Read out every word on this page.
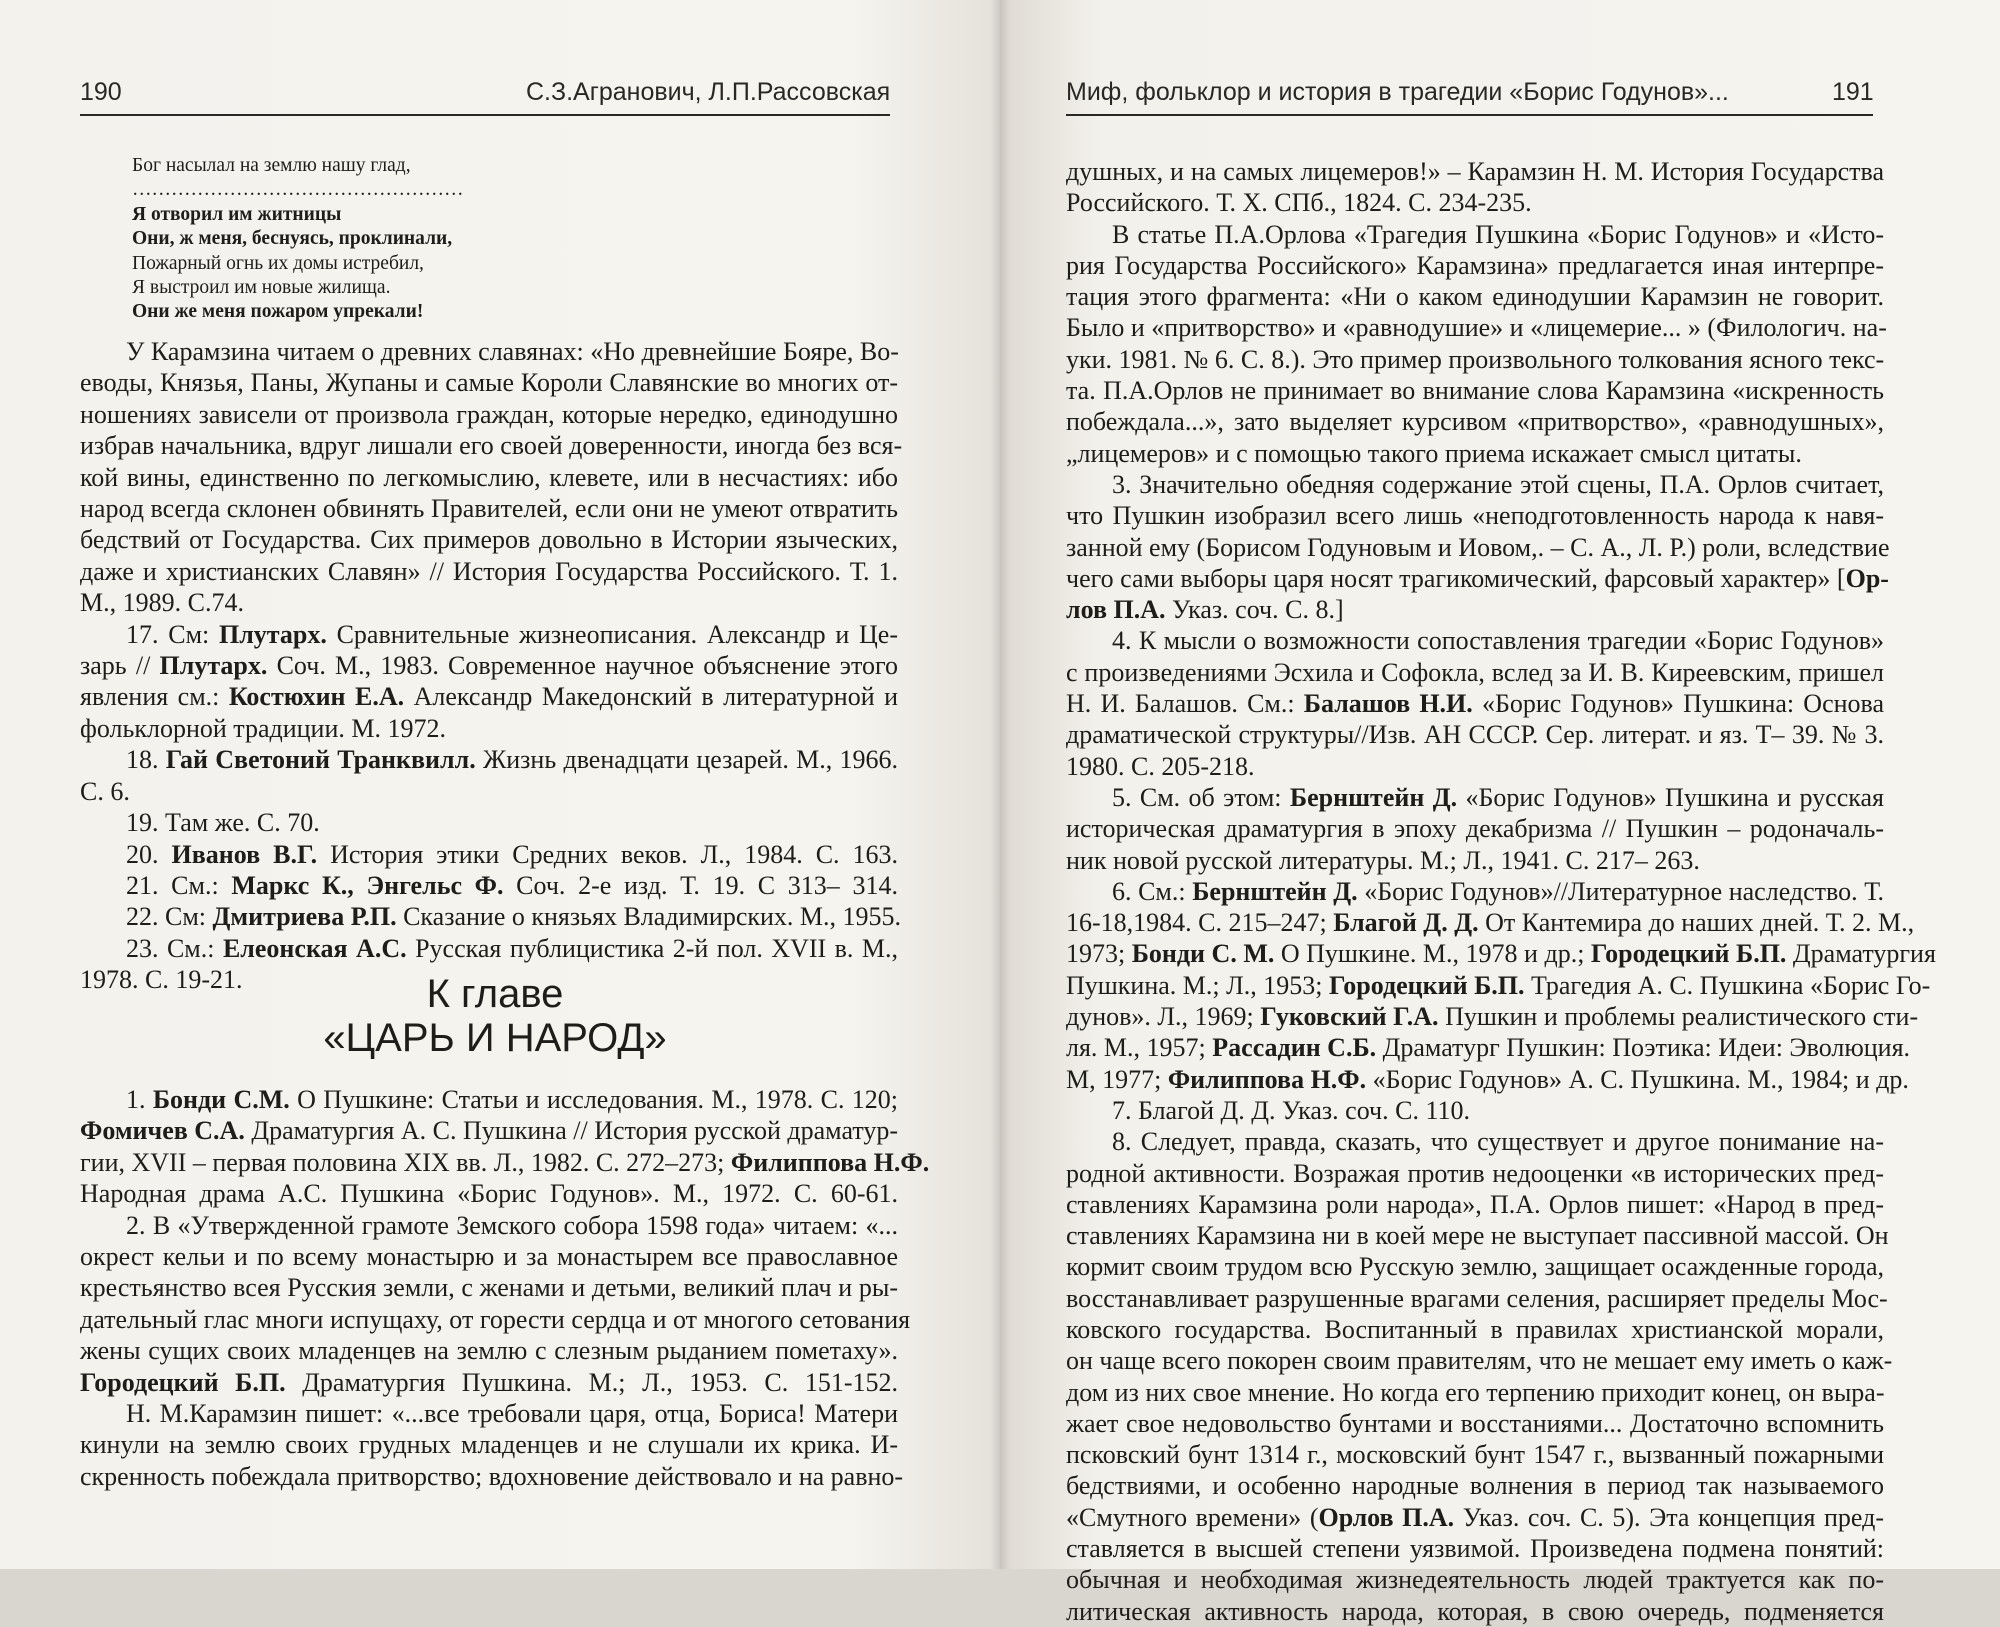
190	С.З.Агранович, Л.П.Рассовская
Бог насылал на землю нашу глад,
……………………………………………
Я отворил им житницы
Они, ж меня, беснуясь, проклинали,
Пожарный огнь их домы истребил,
Я выстроил им новые жилища.
Они же меня пожаром упрекали!
У Карамзина читаем о древних славянах: «Но древнейшие Бояре, Во-
еводы, Князья, Паны, Жупаны и самые Короли Славянские во многих от-
ношениях зависели от произвола граждан, которые нередко, единодушно
избрав начальника, вдруг лишали его своей доверенности, иногда без вся-
кой вины, единственно по легкомыслию, клевете, или в несчастиях: ибо
народ всегда склонен обвинять Правителей, если они не умеют отвратить
бедствий от Государства. Сих примеров довольно в Истории языческих,
даже и христианских Славян» // История Государства Российского. Т. 1.
М., 1989. С.74.
17. См: Плутарх. Сравнительные жизнеописания. Александр и Це-
зарь // Плутарх. Соч. М., 1983. Современное научное объяснение этого
явления см.: Костюхин Е.А. Александр Македонский в литературной и
фольклорной традиции. М. 1972.
18. Гай Светоний Транквилл. Жизнь двенадцати цезарей. М., 1966.
С. 6.
19. Там же. С. 70.
20. Иванов В.Г. История этики Средних веков. Л., 1984. С. 163.
21. См.: Маркс К., Энгельс Ф. Соч. 2-е изд. Т. 19. С 313– 314.
22. См: Дмитриева Р.П. Сказание о князьях Владимирских. М., 1955.
23. См.: Елеонская А.С. Русская публицистика 2-й пол. XVII в. М.,
1978. С. 19-21.	К главе
«ЦАРЬ И НАРОД»
1. Бонди С.М. О Пушкине: Статьи и исследования. М., 1978. С. 120;
Фомичев С.А. Драматургия А. С. Пушкина // История русской драматур-
гии, XVII – первая половина XIX вв. Л., 1982. С. 272–273; Филиппова Н.Ф.
Народная драма А.С. Пушкина «Борис Годунов». М., 1972. С. 60-61.
2. В «Утвержденной грамоте Земского собора 1598 года» читаем: «...
окрест кельи и по всему монастырю и за монастырем все православное
крестьянство всея Русския земли, с женами и детьми, великий плач и ры-
дательный глас многи испущаху, от горести сердца и от многого сетования
жены сущих своих младенцев на землю с слезным рыданием пометаху».
Городецкий Б.П. Драматургия Пушкина. М.; Л., 1953. С. 151-152.
Н. М.Карамзин пишет: «...все требовали царя, отца, Бориса! Матери
кинули на землю своих грудных младенцев и не слушали их крика. И-
скренность побеждала притворство; вдохновение действовало и на равно-
Миф, фольклор и история в трагедии «Борис Годунов»...	191
душных, и на самых лицемеров!» – Карамзин Н. М. История Государства
Российского. Т. Х. СПб., 1824. С. 234-235.
В статье П.А.Орлова «Трагедия Пушкина «Борис Годунов» и «Исто-
рия Государства Российского» Карамзина» предлагается иная интерпре-
тация этого фрагмента: «Ни о каком единодушии Карамзин не говорит.
Было и «притворство» и «равнодушие» и «лицемерие... » (Филологич. на-
уки. 1981. № 6. С. 8.). Это пример произвольного толкования ясного текс-
та. П.А.Орлов не принимает во внимание слова Карамзина «искренность
побеждала...», зато выделяет курсивом «притворство», «равнодушных»,
„лицемеров» и с помощью такого приема искажает смысл цитаты.
3. Значительно обедняя содержание этой сцены, П.А. Орлов считает,
что Пушкин изобразил всего лишь «неподготовленность народа к навя-
занной ему (Борисом Годуновым и Иовом,. – С. А., Л. Р.) роли, вследствие
чего сами выборы царя носят трагикомический, фарсовый характер» [Ор-
лов П.А. Указ. соч. С. 8.]
4. К мысли о возможности сопоставления трагедии «Борис Годунов»
с произведениями Эсхила и Софокла, вслед за И. В. Киреевским, пришел
Н. И. Балашов. См.: Балашов Н.И. «Борис Годунов» Пушкина: Основа
драматической структуры//Изв. АН СССР. Сер. литерат. и яз. Т– 39. № 3.
1980. С. 205-218.
5. См. об этом: Бернштейн Д. «Борис Годунов» Пушкина и русская
историческая драматургия в эпоху декабризма // Пушкин – родоначаль-
ник новой русской литературы. М.; Л., 1941. С. 217– 263.
6. См.: Бернштейн Д. «Борис Годунов»//Литературное наследство. Т.
16-18,1984. С. 215–247; Благой Д. Д. От Кантемира до наших дней. Т. 2. М.,
1973; Бонди С. М. О Пушкине. М., 1978 и др.; Городецкий Б.П. Драматургия
Пушкина. М.; Л., 1953; Городецкий Б.П. Трагедия А. С. Пушкина «Борис Го-
дунов». Л., 1969; Гуковский Г.А. Пушкин и проблемы реалистического сти-
ля. М., 1957; Рассадин С.Б. Драматург Пушкин: Поэтика: Идеи: Эволюция.
М, 1977; Филиппова Н.Ф. «Борис Годунов» А. С. Пушкина. М., 1984; и др.
7. Благой Д. Д. Указ. соч. С. 110.
8. Следует, правда, сказать, что существует и другое понимание на-
родной активности. Возражая против недооценки «в исторических пред-
ставлениях Карамзина роли народа», П.А. Орлов пишет: «Народ в пред-
ставлениях Карамзина ни в коей мере не выступает пассивной массой. Он
кормит своим трудом всю Русскую землю, защищает осажденные города,
восстанавливает разрушенные врагами селения, расширяет пределы Мос-
ковского государства. Воспитанный в правилах христианской морали,
он чаще всего покорен своим правителям, что не мешает ему иметь о каж-
дом из них свое мнение. Но когда его терпению приходит конец, он выра-
жает свое недовольство бунтами и восстаниями... Достаточно вспомнить
псковский бунт 1314 г., московский бунт 1547 г., вызванный пожарными
бедствиями, и особенно народные волнения в период так называемого
«Смутного времени» (Орлов П.А. Указ. соч. С. 5). Эта концепция пред-
ставляется в высшей степени уязвимой. Произведена подмена понятий:
обычная и необходимая жизнедеятельность людей трактуется как по-
литическая активность народа, которая, в свою очередь, подменяется
